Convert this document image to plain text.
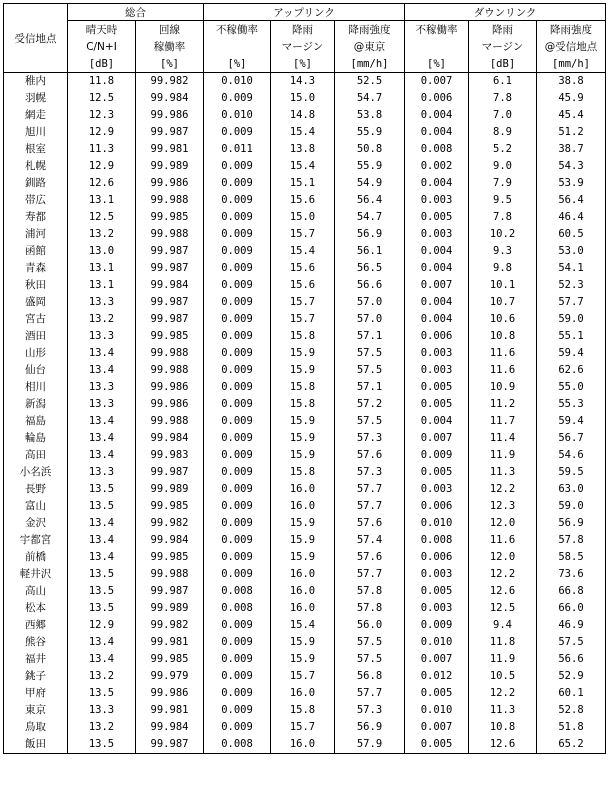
受信地点	総合		アップリンク			ダウンリンク		
	晴天時	回線	不稼働率	降雨	降雨強度	不稼働率	降雨	降雨強度
	C/N+I	稼働率		マージン	@東京		マージン	@受信地点
	[dB]	[%]	[%]	[%]	[mm/h]	[%]	[dB]	[mm/h]
稚内	11.8	99.982	0.010	14.3	52.5	0.007	6.1	38.8
羽幌	12.5	99.984	0.009	15.0	54.7	0.006	7.8	45.9
網走	12.3	99.986	0.010	14.8	53.8	0.004	7.0	45.4
旭川	12.9	99.987	0.009	15.4	55.9	0.004	8.9	51.2
根室	11.3	99.981	0.011	13.8	50.8	0.008	5.2	38.7
札幌	12.9	99.989	0.009	15.4	55.9	0.002	9.0	54.3
釧路	12.6	99.986	0.009	15.1	54.9	0.004	7.9	53.9
帯広	13.1	99.988	0.009	15.6	56.4	0.003	9.5	56.4
寿都	12.5	99.985	0.009	15.0	54.7	0.005	7.8	46.4
浦河	13.2	99.988	0.009	15.7	56.9	0.003	10.2	60.5
函館	13.0	99.987	0.009	15.4	56.1	0.004	9.3	53.0
青森	13.1	99.987	0.009	15.6	56.5	0.004	9.8	54.1
秋田	13.1	99.984	0.009	15.6	56.6	0.007	10.1	52.3
盛岡	13.3	99.987	0.009	15.7	57.0	0.004	10.7	57.7
宮古	13.2	99.987	0.009	15.7	57.0	0.004	10.6	59.0
酒田	13.3	99.985	0.009	15.8	57.1	0.006	10.8	55.1
山形	13.4	99.988	0.009	15.9	57.5	0.003	11.6	59.4
仙台	13.4	99.988	0.009	15.9	57.5	0.003	11.6	62.6
相川	13.3	99.986	0.009	15.8	57.1	0.005	10.9	55.0
新潟	13.3	99.986	0.009	15.8	57.2	0.005	11.2	55.3
福島	13.4	99.988	0.009	15.9	57.5	0.004	11.7	59.4
輪島	13.4	99.984	0.009	15.9	57.3	0.007	11.4	56.7
高田	13.4	99.983	0.009	15.9	57.6	0.009	11.9	54.6
小名浜	13.3	99.987	0.009	15.8	57.3	0.005	11.3	59.5
長野	13.5	99.989	0.009	16.0	57.7	0.003	12.2	63.0
富山	13.5	99.985	0.009	16.0	57.7	0.006	12.3	59.0
金沢	13.4	99.982	0.009	15.9	57.6	0.010	12.0	56.9
宇都宮	13.4	99.984	0.009	15.9	57.4	0.008	11.6	57.8
前橋	13.4	99.985	0.009	15.9	57.6	0.006	12.0	58.5
軽井沢	13.5	99.988	0.009	16.0	57.7	0.003	12.2	73.6
高山	13.5	99.987	0.008	16.0	57.8	0.005	12.6	66.8
松本	13.5	99.989	0.008	16.0	57.8	0.003	12.5	66.0
西郷	12.9	99.982	0.009	15.4	56.0	0.009	9.4	46.9
熊谷	13.4	99.981	0.009	15.9	57.5	0.010	11.8	57.5
福井	13.4	99.985	0.009	15.9	57.5	0.007	11.9	56.6
銚子	13.2	99.979	0.009	15.7	56.8	0.012	10.5	52.9
甲府	13.5	99.986	0.009	16.0	57.7	0.005	12.2	60.1
東京	13.3	99.981	0.009	15.8	57.3	0.010	11.3	52.8
鳥取	13.2	99.984	0.009	15.7	56.9	0.007	10.8	51.8
飯田	13.5	99.987	0.008	16.0	57.9	0.005	12.6	65.2
